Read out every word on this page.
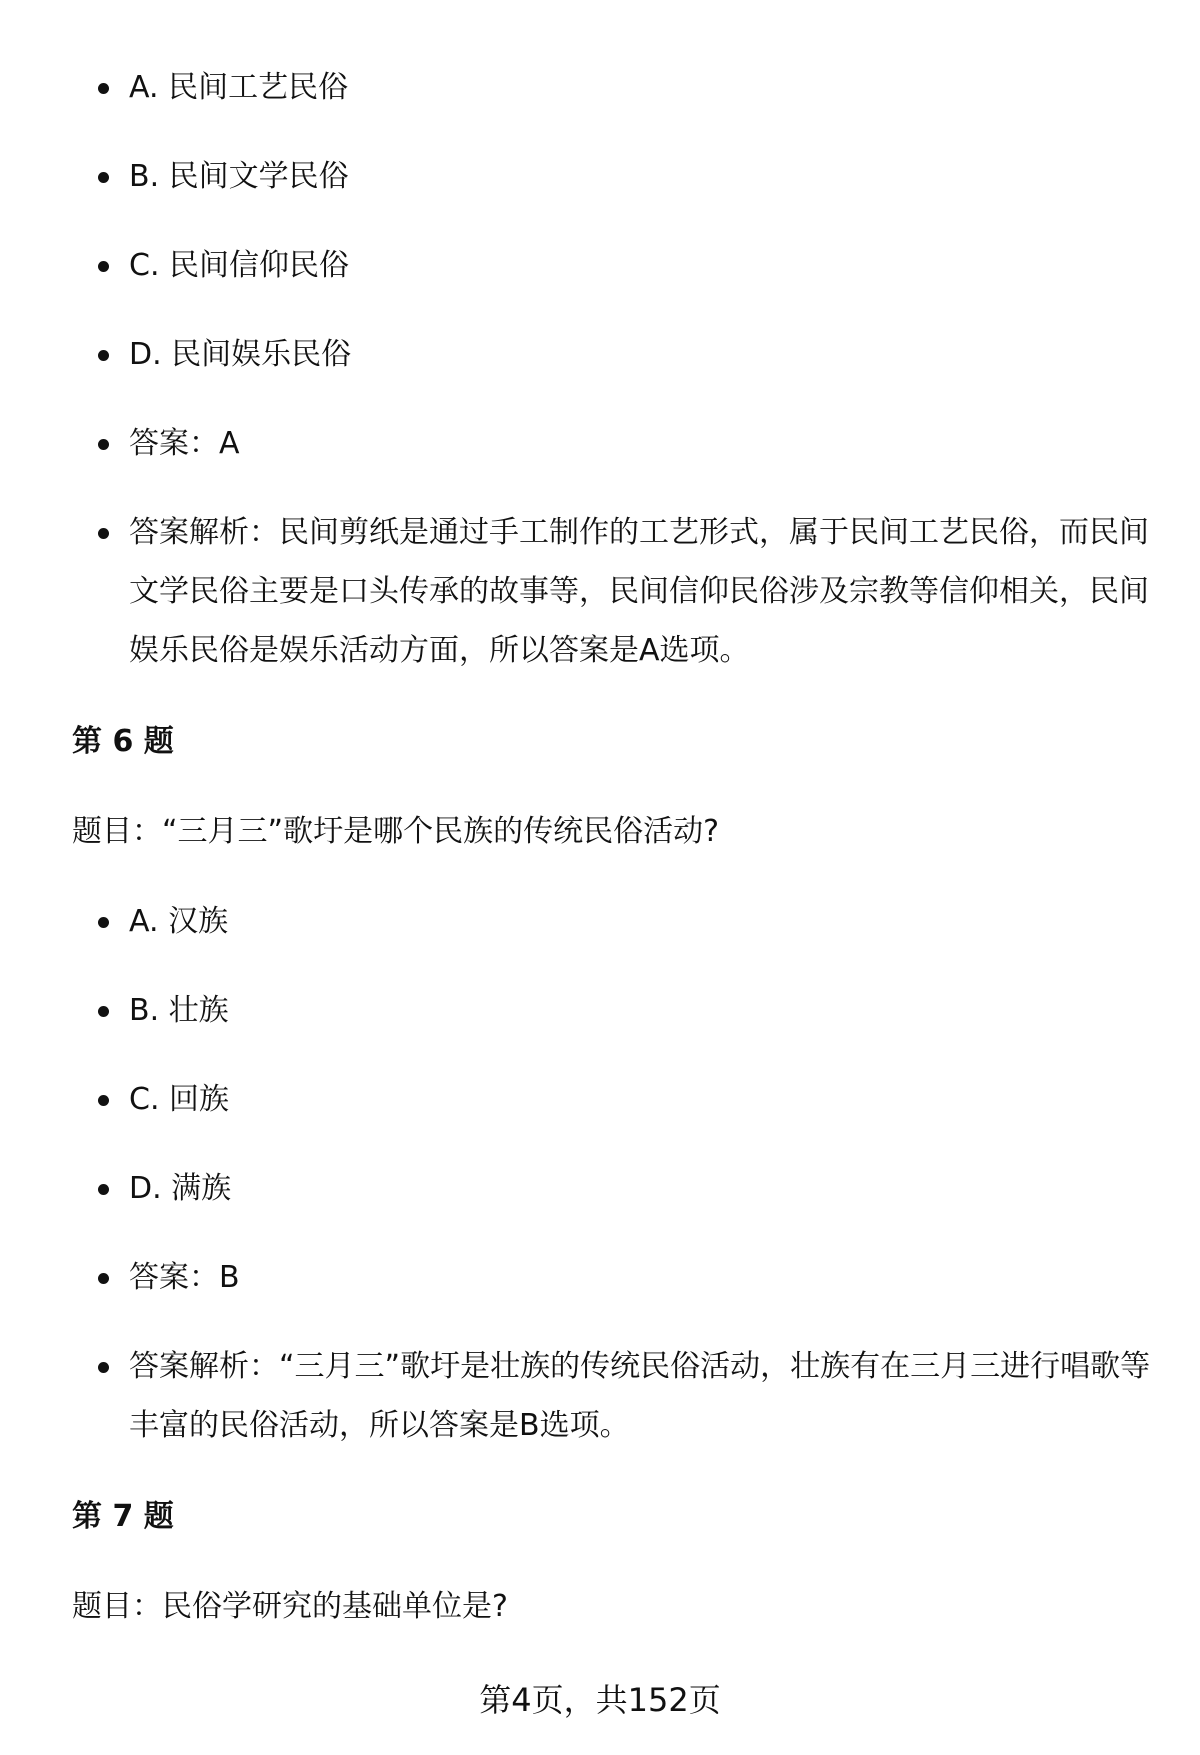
A. 民间工艺民俗
B. 民间文学民俗
C. 民间信仰民俗
D. 民间娱乐民俗
答案：A
答案解析：民间剪纸是通过手工制作的工艺形式，属于民间工艺民俗，而民间文学民俗主要是口头传承的故事等，民间信仰民俗涉及宗教等信仰相关，民间娱乐民俗是娱乐活动方面，所以答案是A选项。
第 6 题
题目：“三月三”歌圩是哪个民族的传统民俗活动?
A. 汉族
B. 壮族
C. 回族
D. 满族
答案：B
答案解析：“三月三”歌圩是壮族的传统民俗活动，壮族有在三月三进行唱歌等丰富的民俗活动，所以答案是B选项。
第 7 题
题目：民俗学研究的基础单位是?
第4页，共152页
